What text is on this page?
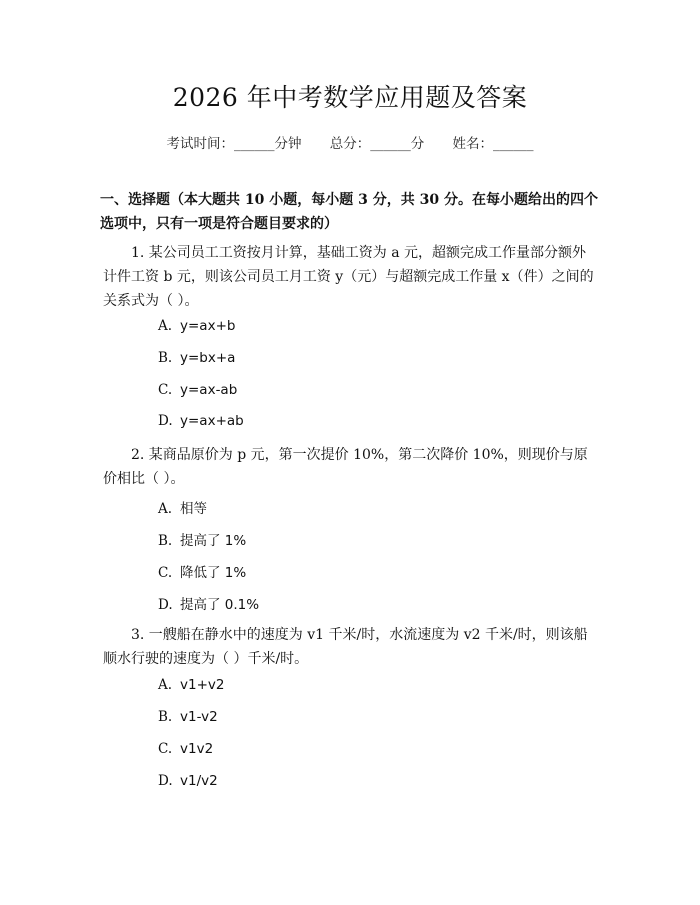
2026 年中考数学应用题及答案
考试时间：______分钟 总分：______分 姓名：______
一、选择题（本大题共 10 小题，每小题 3 分，共 30 分。在每小题给出的四个选项中，只有一项是符合题目要求的）
1. 某公司员工工资按月计算，基础工资为 a 元，超额完成工作量部分额外计件工资 b 元，则该公司员工月工资 y（元）与超额完成工作量 x（件）之间的关系式为（ ）。
A. y=ax+b
B. y=bx+a
C. y=ax-ab
D. y=ax+ab
2. 某商品原价为 p 元，第一次提价 10%，第二次降价 10%，则现价与原价相比（ ）。
A. 相等
B. 提高了 1%
C. 降低了 1%
D. 提高了 0.1%
3. 一艘船在静水中的速度为 v1 千米/时，水流速度为 v2 千米/时，则该船顺水行驶的速度为（ ）千米/时。
A. v1+v2
B. v1-v2
C. v1v2
D. v1/v2
